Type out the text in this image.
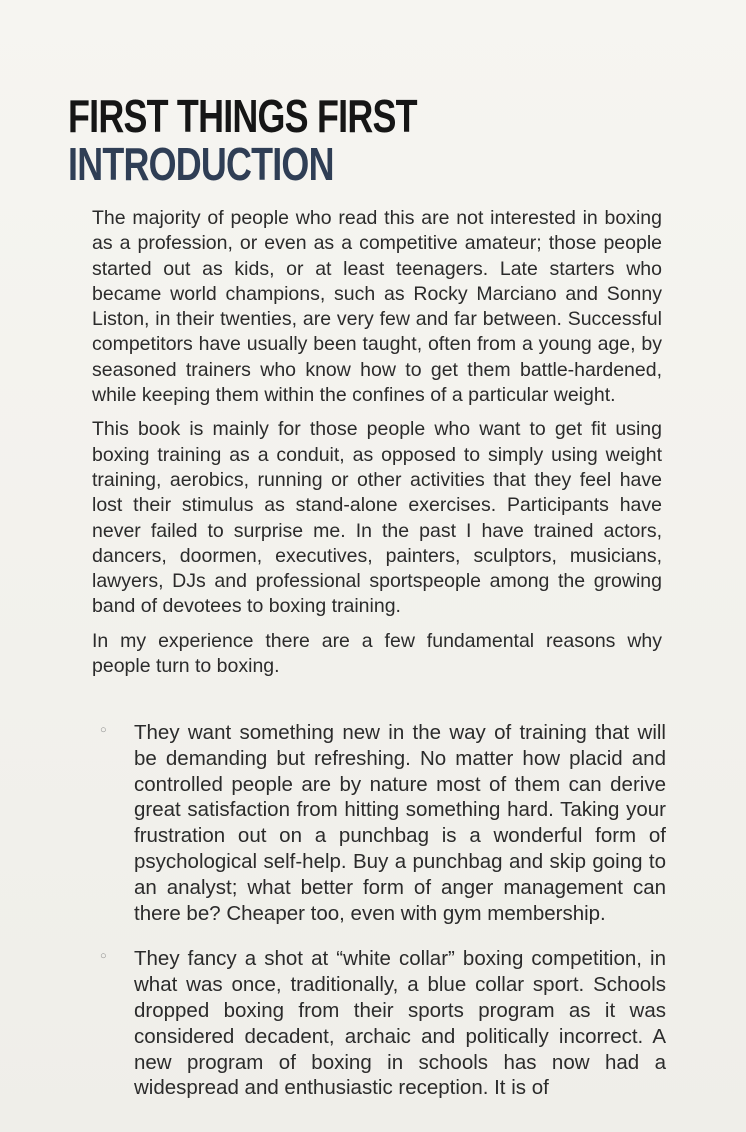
FIRST THINGS FIRST
INTRODUCTION

The majority of people who read this are not interested in boxing as a profession, or even as a competitive amateur; those people started out as kids, or at least teenagers. Late starters who became world champions, such as Rocky Marciano and Sonny Liston, in their twenties, are very few and far between. Successful competitors have usually been taught, often from a young age, by seasoned trainers who know how to get them battle-hardened, while keeping them within the confines of a particular weight.

This book is mainly for those people who want to get fit using boxing training as a conduit, as opposed to simply using weight training, aerobics, running or other activities that they feel have lost their stimulus as stand-alone exercises. Participants have never failed to surprise me. In the past I have trained actors, dancers, doormen, executives, painters, sculptors, musicians, lawyers, DJs and professional sportspeople among the growing band of devotees to boxing training.

In my experience there are a few fundamental reasons why people turn to boxing.

○ They want something new in the way of training that will be demanding but refreshing. No matter how placid and controlled people are by nature most of them can derive great satisfaction from hitting something hard. Taking your frustration out on a punchbag is a wonderful form of psychological self-help. Buy a punchbag and skip going to an analyst; what better form of anger management can there be? Cheaper too, even with gym membership.
○ They fancy a shot at “white collar” boxing competition, in what was once, traditionally, a blue collar sport. Schools dropped boxing from their sports program as it was considered decadent, archaic and politically incorrect. A new program of boxing in schools has now had a widespread and enthusiastic reception. It is of
